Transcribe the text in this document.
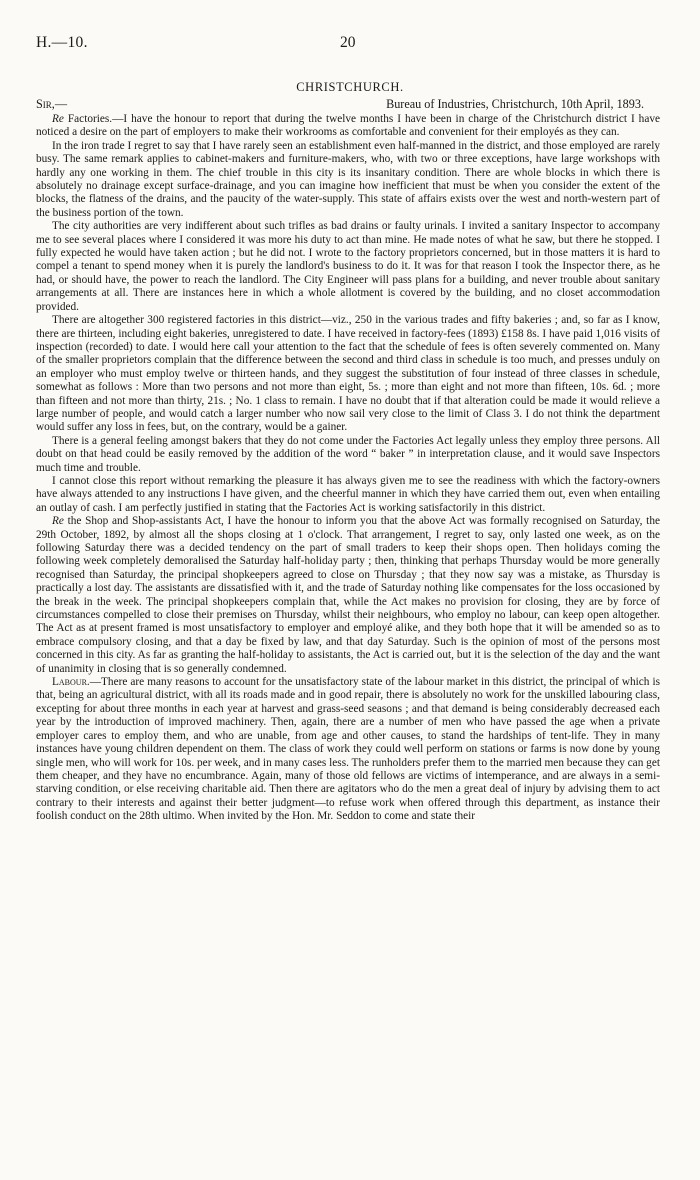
H.—10.	20
CHRISTCHURCH.
Sir,—	Bureau of Industries, Christchurch, 10th April, 1893.

Re Factories.—I have the honour to report that during the twelve months I have been in charge of the Christchurch district I have noticed a desire on the part of employers to make their workrooms as comfortable and convenient for their employés as they can.

In the iron trade I regret to say that I have rarely seen an establishment even half-manned in the district, and those employed are rarely busy. The same remark applies to cabinet-makers and furniture-makers, who, with two or three exceptions, have large workshops with hardly any one working in them. The chief trouble in this city is its insanitary condition. There are whole blocks in which there is absolutely no drainage except surface-drainage, and you can imagine how inefficient that must be when you consider the extent of the blocks, the flatness of the drains, and the paucity of the water-supply. This state of affairs exists over the west and north-western part of the business portion of the town.

The city authorities are very indifferent about such trifles as bad drains or faulty urinals. I invited a sanitary Inspector to accompany me to see several places where I considered it was more his duty to act than mine. He made notes of what he saw, but there he stopped. I fully expected he would have taken action ; but he did not. I wrote to the factory proprietors concerned, but in those matters it is hard to compel a tenant to spend money when it is purely the landlord's business to do it. It was for that reason I took the Inspector there, as he had, or should have, the power to reach the landlord. The City Engineer will pass plans for a building, and never trouble about sanitary arrangements at all. There are instances here in which a whole allotment is covered by the building, and no closet accommodation provided.

There are altogether 300 registered factories in this district—viz., 250 in the various trades and fifty bakeries ; and, so far as I know, there are thirteen, including eight bakeries, unregistered to date. I have received in factory-fees (1893) £158 8s. I have paid 1,016 visits of inspection (recorded) to date. I would here call your attention to the fact that the schedule of fees is often severely commented on. Many of the smaller proprietors complain that the difference between the second and third class in schedule is too much, and presses unduly on an employer who must employ twelve or thirteen hands, and they suggest the substitution of four instead of three classes in schedule, somewhat as follows : More than two persons and not more than eight, 5s. ; more than eight and not more than fifteen, 10s. 6d. ; more than fifteen and not more than thirty, 21s. ; No. 1 class to remain. I have no doubt that if that alteration could be made it would relieve a large number of people, and would catch a larger number who now sail very close to the limit of Class 3. I do not think the department would suffer any loss in fees, but, on the contrary, would be a gainer.

There is a general feeling amongst bakers that they do not come under the Factories Act legally unless they employ three persons. All doubt on that head could be easily removed by the addition of the word “ baker ” in interpretation clause, and it would save Inspectors much time and trouble.

I cannot close this report without remarking the pleasure it has always given me to see the readiness with which the factory-owners have always attended to any instructions I have given, and the cheerful manner in which they have carried them out, even when entailing an outlay of cash. I am perfectly justified in stating that the Factories Act is working satisfactorily in this district.

Re the Shop and Shop-assistants Act, I have the honour to inform you that the above Act was formally recognised on Saturday, the 29th October, 1892, by almost all the shops closing at 1 o'clock. That arrangement, I regret to say, only lasted one week, as on the following Saturday there was a decided tendency on the part of small traders to keep their shops open. Then holidays coming the following week completely demoralised the Saturday half-holiday party ; then, thinking that perhaps Thursday would be more generally recognised than Saturday, the principal shopkeepers agreed to close on Thursday ; that they now say was a mistake, as Thursday is practically a lost day. The assistants are dissatisfied with it, and the trade of Saturday nothing like compensates for the loss occasioned by the break in the week. The principal shopkeepers complain that, while the Act makes no provision for closing, they are by force of circumstances compelled to close their premises on Thursday, whilst their neighbours, who employ no labour, can keep open altogether. The Act as at present framed is most unsatisfactory to employer and employé alike, and they both hope that it will be amended so as to embrace compulsory closing, and that a day be fixed by law, and that day Saturday. Such is the opinion of most of the persons most concerned in this city. As far as granting the half-holiday to assistants, the Act is carried out, but it is the selection of the day and the want of unanimity in closing that is so generally condemned.

Labour.—There are many reasons to account for the unsatisfactory state of the labour market in this district, the principal of which is that, being an agricultural district, with all its roads made and in good repair, there is absolutely no work for the unskilled labouring class, excepting for about three months in each year at harvest and grass-seed seasons ; and that demand is being considerably decreased each year by the introduction of improved machinery. Then, again, there are a number of men who have passed the age when a private employer cares to employ them, and who are unable, from age and other causes, to stand the hardships of tent-life. They in many instances have young children dependent on them. The class of work they could well perform on stations or farms is now done by young single men, who will work for 10s. per week, and in many cases less. The runholders prefer them to the married men because they can get them cheaper, and they have no encumbrance. Again, many of those old fellows are victims of intemperance, and are always in a semi-starving condition, or else receiving charitable aid. Then there are agitators who do the men a great deal of injury by advising them to act contrary to their interests and against their better judgment—to refuse work when offered through this department, as instance their foolish conduct on the 28th ultimo. When invited by the Hon. Mr. Seddon to come and state their
